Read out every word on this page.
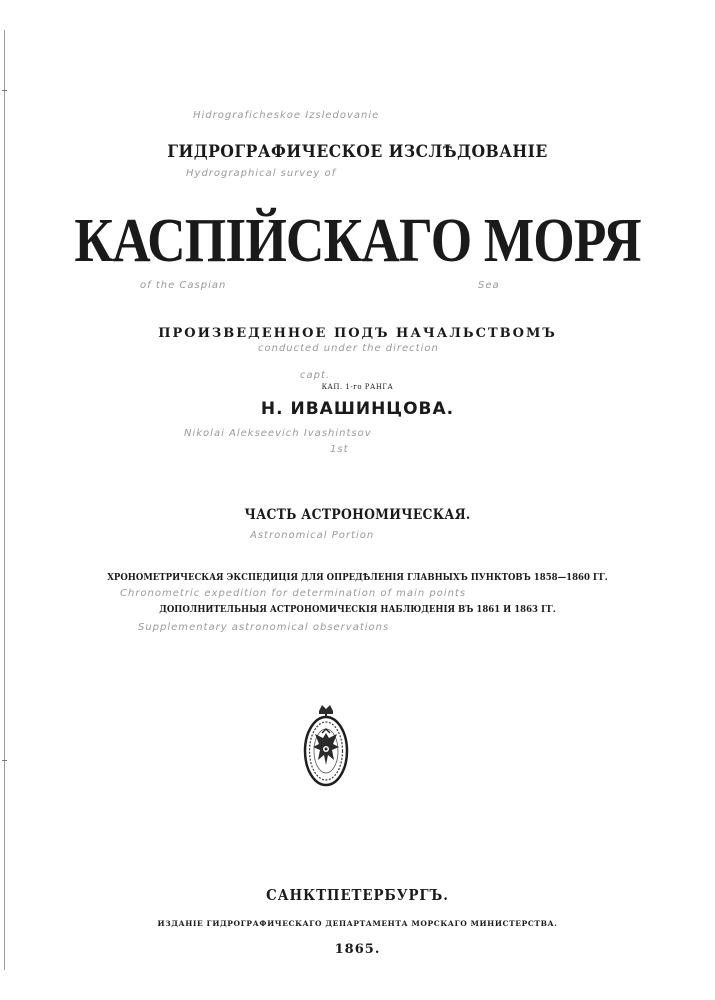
Hidrograficheskoe Izsledovanie

ГИДРОГРАФИЧЕСКОЕ ИЗСЛѢДОВАНІЕ

Hydrographical survey of

КАСПІЙСКАГО МОРЯ

of the Caspian	Sea

ПРОИЗВЕДЕННОЕ ПОДЪ НАЧАЛЬСТВОМЪ

conducted under the direction
capt.

КАП. 1-го РАНГА

Н. ИВАШИНЦОВА.

Nikolai Alekseevich Ivashintsov
1st

ЧАСТЬ АСТРОНОМИЧЕСКАЯ.

Astronomical Portion

ХРОНОМЕТРИЧЕСКАЯ ЭКСПЕДИЦІЯ ДЛЯ ОПРЕДѢЛЕНІЯ ГЛАВНЫХЪ ПУНКТОВЪ 1858—1860 ГГ.

Chronometric expedition for determination of main points

ДОПОЛНИТЕЛЬНЫЯ АСТРОНОМИЧЕСКІЯ НАБЛЮДЕНІЯ ВЪ 1861 И 1863 ГГ.

Supplementary astronomical observations

САНКТПЕТЕРБУРГЪ.

ИЗДАНІЕ ГИДРОГРАФИЧЕСКАГО ДЕПАРТАМЕНТА МОРСКАГО МИНИСТЕРСТВА.

1865.
